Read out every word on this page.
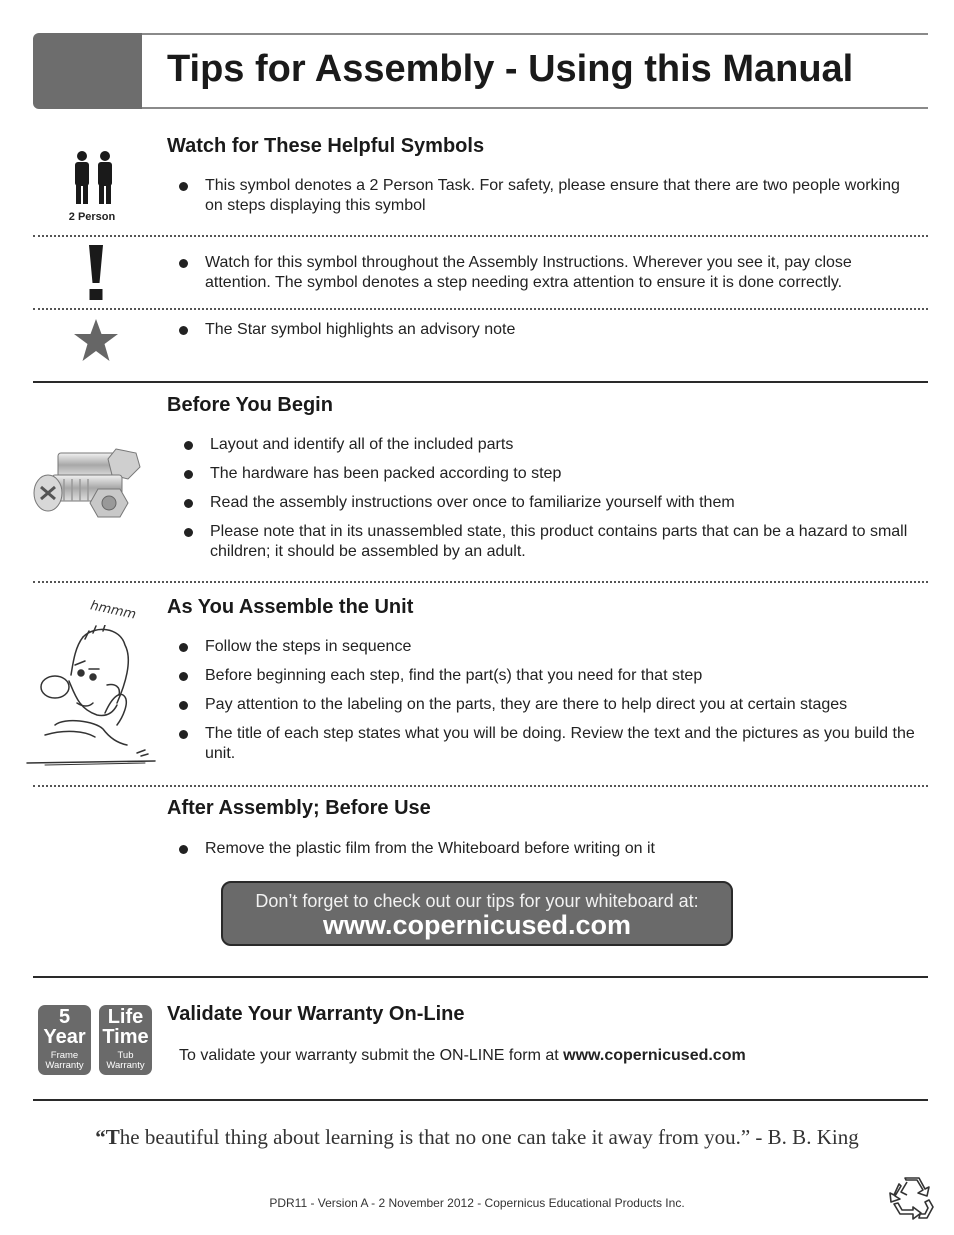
Tips for Assembly - Using this Manual
Watch for These Helpful Symbols
2 Person
This symbol denotes a 2 Person Task. For safety, please ensure that there are two people working on steps displaying this symbol
Watch for this symbol throughout the Assembly Instructions. Wherever you see it, pay close attention. The symbol denotes a step needing extra attention to ensure it is done correctly.
The Star symbol highlights an advisory note
Before You Begin
Layout and identify all of the included parts
The hardware has been packed according to step
Read the assembly instructions over once to familiarize yourself with them
Please note that in its unassembled state, this product contains parts that can be a hazard to small children; it should be assembled by an adult.
As You Assemble the Unit
hmmm
Follow the steps in sequence
Before beginning each step, find the part(s) that you need for that step
Pay attention to the labeling on the parts, they are there to help direct you at certain stages
The title of each step states what you will be doing. Review the text and the pictures as you build the unit.
After Assembly; Before Use
Remove the plastic film from the Whiteboard before writing on it
Don’t forget to check out our tips for your whiteboard at:
www.copernicused.com
5
Year
Frame
Warranty
Life
Time
Tub
Warranty
Validate Your Warranty On-Line
To validate your warranty submit the ON-LINE form at www.copernicused.com
“The beautiful thing about learning is that no one can take it away from you.” - B. B. King
PDR11 - Version A - 2 November 2012 - Copernicus Educational Products Inc.
